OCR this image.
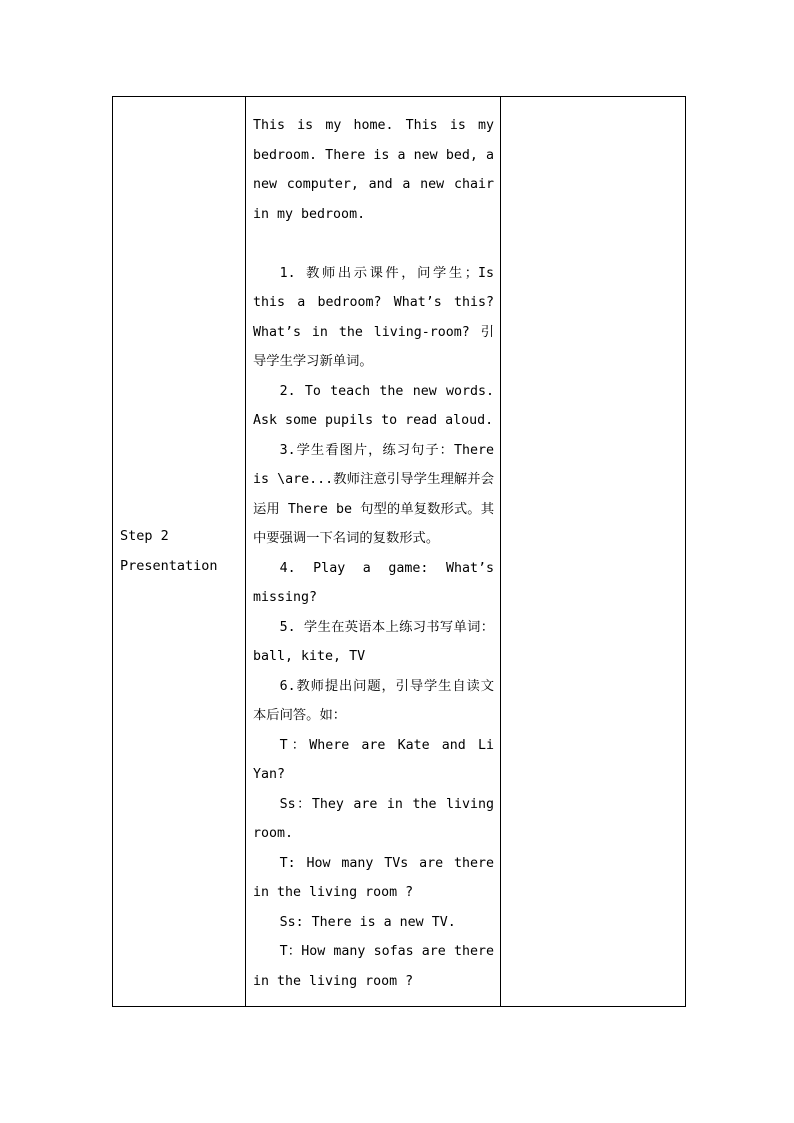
Step 2
Presentation

This is my home. This is my bedroom. There is a new bed, a new computer, and a new chair in my bedroom.

1. 教师出示课件，问学生；Is this a bedroom? What’s this? What’s in the living-room? 引导学生学习新单词。

2. To teach the new words. Ask some pupils to read aloud.

3.学生看图片，练习句子：There is \are...教师注意引导学生理解并会运用 There be 句型的单复数形式。其中要强调一下名词的复数形式。

4. Play a game: What’s missing?

5. 学生在英语本上练习书写单词：ball, kite, TV

6.教师提出问题，引导学生自读文本后问答。如：

T：Where are Kate and Li Yan?

Ss：They are in the living room.

T: How many TVs are there in the living room ?

Ss: There is a new TV.

T：How many sofas are there in the living room ?
